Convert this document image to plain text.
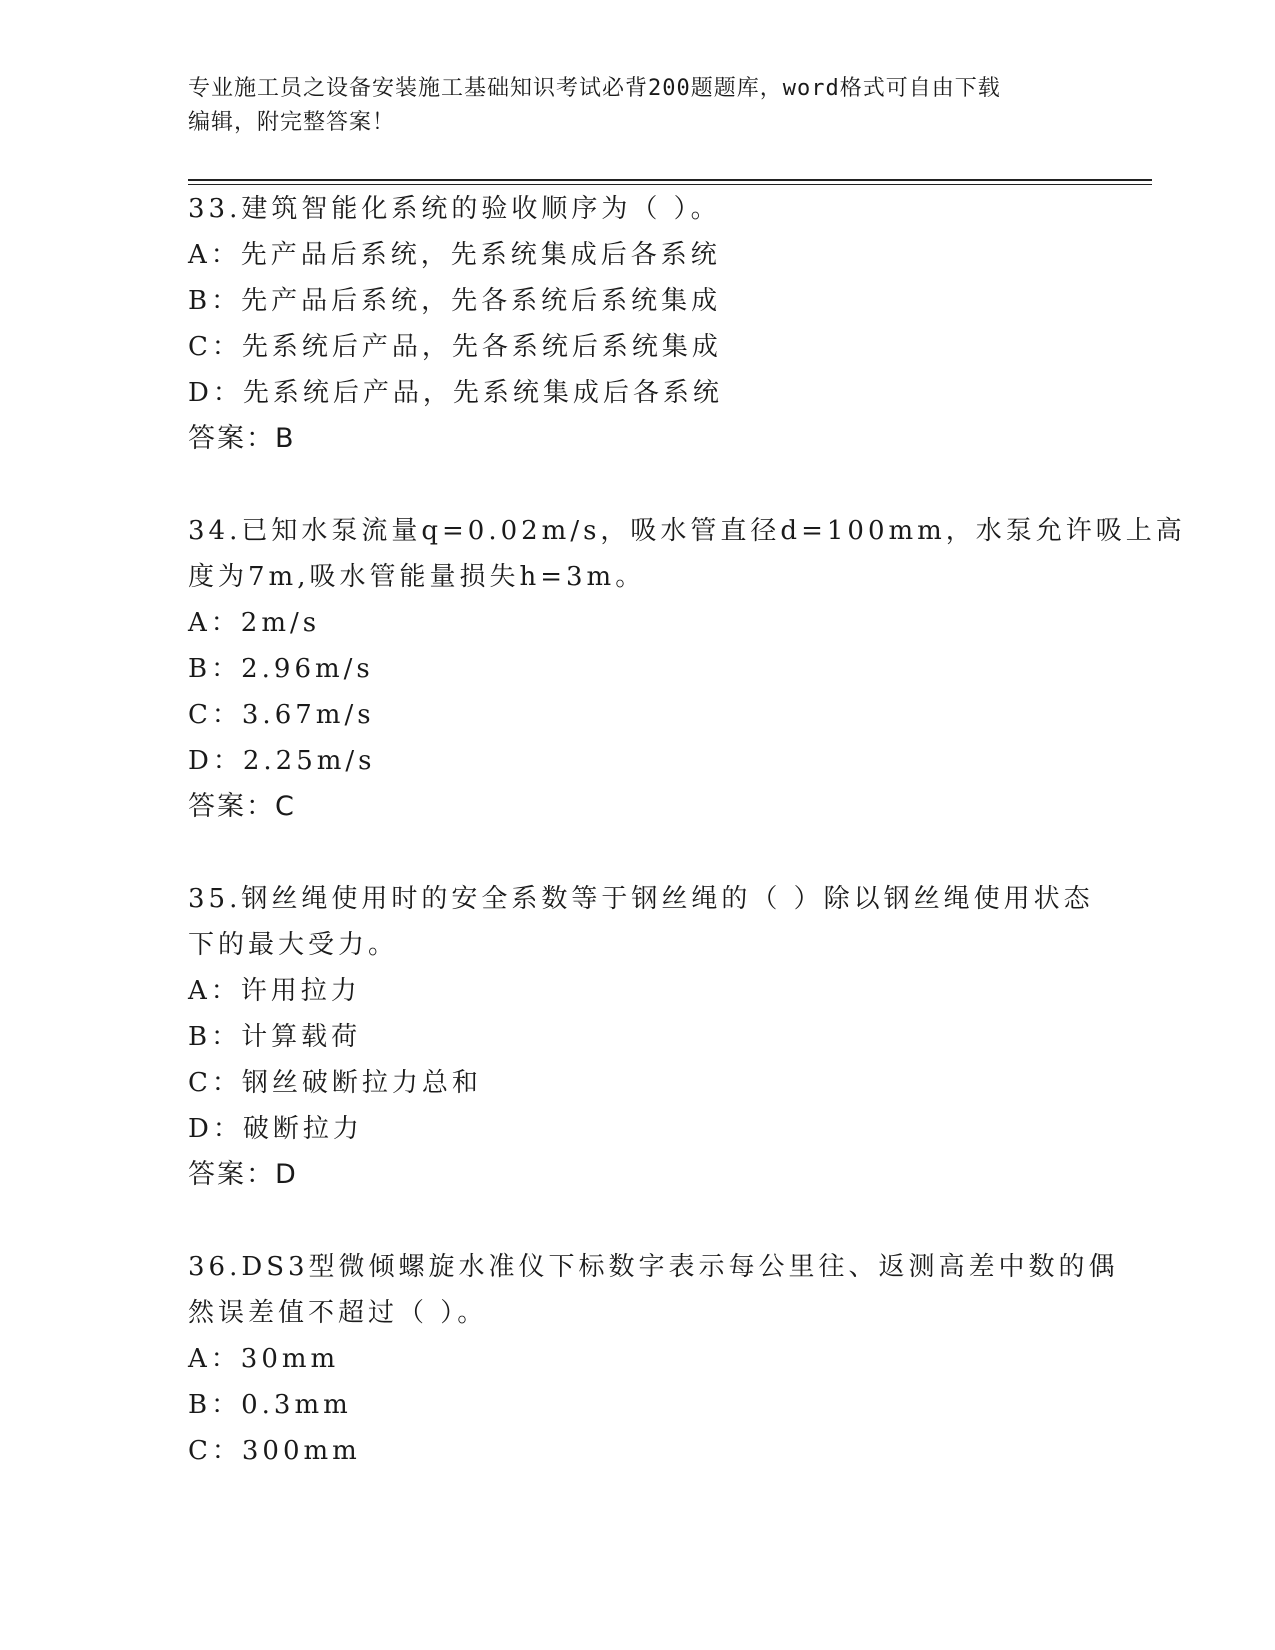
专业施工员之设备安装施工基础知识考试必背200题题库，word格式可自由下载
编辑，附完整答案！
33.建筑智能化系统的验收顺序为（ ）。
A：先产品后系统，先系统集成后各系统
B：先产品后系统，先各系统后系统集成
C：先系统后产品，先各系统后系统集成
D：先系统后产品，先系统集成后各系统
答案：B
34.已知水泵流量q=0.02m/s，吸水管直径d=100mm，水泵允许吸上高
度为7m,吸水管能量损失h=3m。
A：2m/s
B：2.96m/s
C：3.67m/s
D：2.25m/s
答案：C
35.钢丝绳使用时的安全系数等于钢丝绳的（ ）除以钢丝绳使用状态
下的最大受力。
A：许用拉力
B：计算载荷
C：钢丝破断拉力总和
D：破断拉力
答案：D
36.DS3型微倾螺旋水准仪下标数字表示每公里往、返测高差中数的偶
然误差值不超过（ ）。
A：30mm
B：0.3mm
C：300mm
